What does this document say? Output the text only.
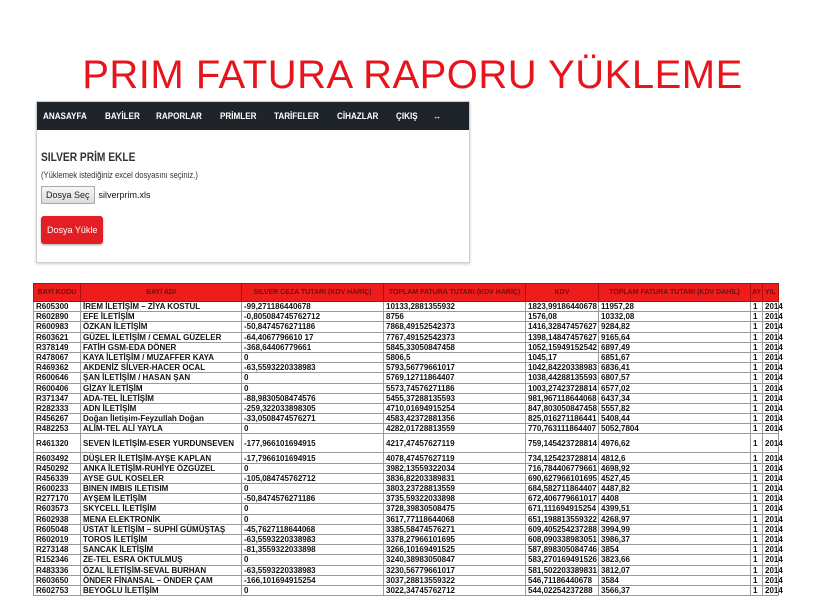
PRIM FATURA RAPORU YÜKLEME
ANASAYFA BAYİLER RAPORLAR PRİMLER TARİFELER CİHAZLAR ÇIKIŞ ↔
SILVER PRİM EKLE
(Yüklemek istediğiniz excel dosyasını seçiniz.)
Dosya Seç	silverprim.xls
Dosya Yükle
BAYİ KODU	BAYİ ADI	SILVER CEZA TUTARI (KDV HARİÇ)	TOPLAM FATURA TUTARI (KDV HARİÇ)	KDV	TOPLAM FATURA TUTARI (KDV DAHİL)	AY	YIL
R605300	İREM İLETİŞİM – ZİYA KOSTUL	-99,271186440678	10133,2881355932	1823,99186440678	11957,28	1	2014
R602890	EFE İLETİŞİM	-0,805084745762712	8756	1576,08	10332,08	1	2014
R600983	ÖZKAN İLETİŞİM	-50,8474576271186	7868,49152542373	1416,32847457627	9284,82	1	2014
R603621	GÜZEL İLETİŞİM / CEMAL GÜZELER	-64,4067796610 17	7767,49152542373	1398,14847457627	9165,64	1	2014
R378149	FATİH GSM-EDA DÖNER	-368,64406779661	5845,33050847458	1052,15949152542	6897,49	1	2014
R478067	KAYA İLETİŞİM / MUZAFFER KAYA	0	5806,5	1045,17	6851,67	1	2014
R469362	AKDENİZ SİLVER-HACER OCAL	-63,5593220338983	5793,56779661017	1042,84220338983	6836,41	1	2014
R600646	ŞAN İLETİŞİM / HASAN ŞAN	0	5769,12711864407	1038,44288135593	6807,57	1	2014
R600406	GİZAY İLETİŞİM	0	5573,74576271186	1003,27423728814	6577,02	1	2014
R371347	ADA-TEL İLETİŞİM	-88,9830508474576	5455,37288135593	981,967118644068	6437,34	1	2014
R282333	ADN İLETİŞİM	-259,322033898305	4710,01694915254	847,803050847458	5557,82	1	2014
R456267	Doğan İletişim-Feyzullah Doğan	-33,0508474576271	4583,42372881356	825,016271186441	5408,44	1	2014
R482253	ALİM-TEL ALİ YAYLA	0	4282,01728813559	770,763111864407	5052,7804	1	2014
R461320	SEVEN İLETİŞİM-ESER YURDUNSEVEN	-177,966101694915	4217,47457627119	759,145423728814	4976,62	1	2014
R603492	DÜŞLER İLETİŞİM-AYŞE KAPLAN	-17,7966101694915	4078,47457627119	734,125423728814	4812,6	1	2014
R450292	ANKA İLETİŞİM-RUHİYE ÖZGÜZEL	0	3982,13559322034	716,784406779661	4698,92	1	2014
R456339	AYSE GUL KOSELER	-105,084745762712	3836,82203389831	690,627966101695	4527,45	1	2014
R600233	BINEN IMBIS ILETISIM	0	3803,23728813559	684,582711864407	4487,82	1	2014
R277170	AYŞEM İLETİŞİM	-50,8474576271186	3735,59322033898	672,406779661017	4408	1	2014
R603573	SKYCELL İLETİŞİM	0	3728,39830508475	671,111694915254	4399,51	1	2014
R602938	MENA ELEKTRONİK	0	3617,77118644068	651,198813559322	4268,97	1	2014
R605048	ÜSTAT İLETİŞİM – SUPHİ GÜMÜŞTAŞ	-45,7627118644068	3385,58474576271	609,405254237288	3994,99	1	2014
R602019	TOROS İLETİŞİM	-63,5593220338983	3378,27966101695	608,090338983051	3986,37	1	2014
R273148	SANCAK İLETİŞİM	-81,3559322033898	3266,10169491525	587,898305084746	3854	1	2014
R152346	ZE-TEL ESRA OKTULMUŞ	0	3240,38983050847	583,270169491526	3823,66	1	2014
R483336	ÖZAL İLETİŞİM-SEVAL BURHAN	-63,5593220338983	3230,56779661017	581,502203389831	3812,07	1	2014
R603650	ÖNDER FİNANSAL – ÖNDER ÇAM	-166,101694915254	3037,28813559322	546,71186440678	3584	1	2014
R602753	BEYOĞLU İLETİŞİM	0	3022,34745762712	544,02254237288	3566,37	1	2014
